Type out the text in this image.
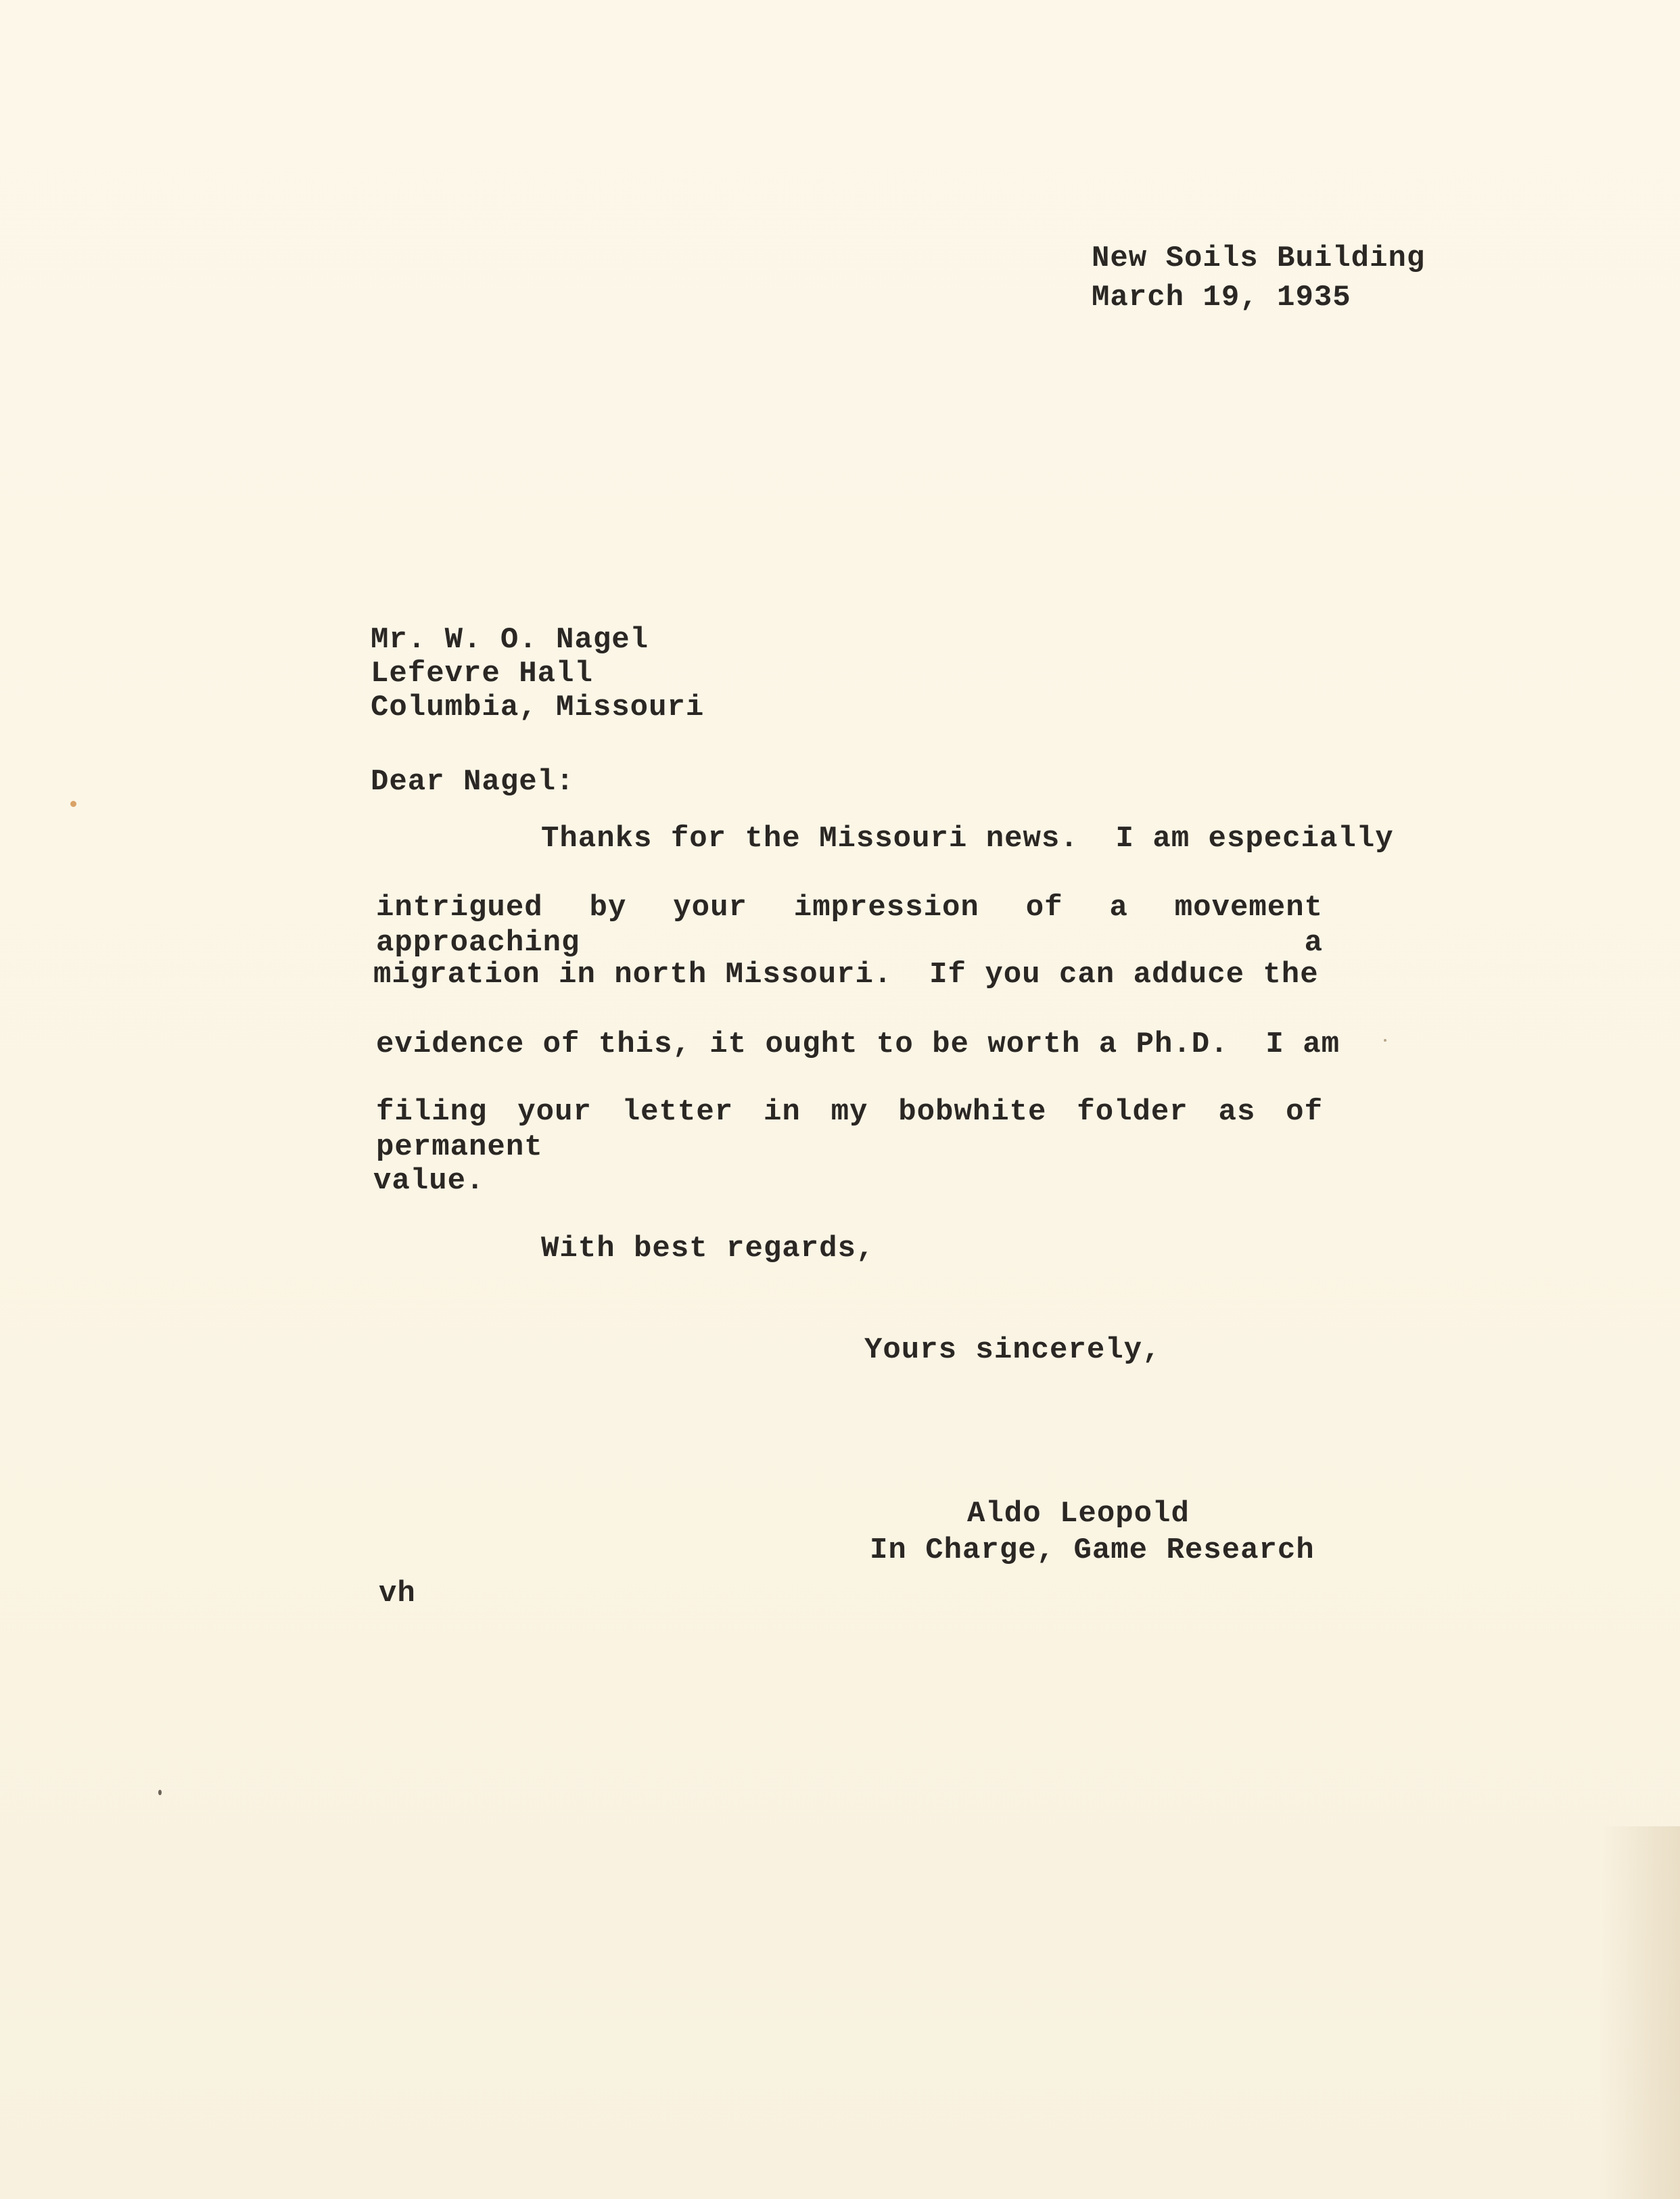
New Soils Building
March 19, 1935
Mr. W. O. Nagel
Lefevre Hall
Columbia, Missouri
Dear Nagel:
Thanks for the Missouri news.  I am especially
intrigued by your impression of a movement approaching a
migration in north Missouri.  If you can adduce the
evidence of this, it ought to be worth a Ph.D.  I am
filing your letter in my bobwhite folder as of permanent
value.
With best regards,
Yours sincerely,
Aldo Leopold
In Charge, Game Research
vh
